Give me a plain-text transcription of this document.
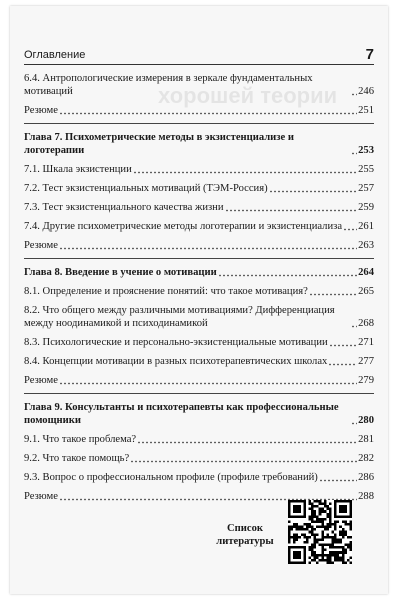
хорошей теории
Оглавление	7
6.4. Антропологические измерения в зеркале фундаментальных мотиваций	246
Резюме	251
Глава 7. Психометрические методы в экзистенциализе и логотерапии	253
7.1. Шкала экзистенции	255
7.2. Тест экзистенциальных мотиваций (ТЭМ-Россия)	257
7.3. Тест экзистенциального качества жизни	259
7.4. Другие психометрические методы логотерапии и экзистенциализа 261
Резюме	263
Глава 8. Введение в учение о мотивации	264
8.1. Определение и прояснение понятий: что такое мотивация?	265
8.2. Что общего между различными мотивациями? Дифференциация между ноодинамикой и психодинамикой	268
8.3. Психологические и персонально-экзистенциальные мотивации	271
8.4. Концепции мотивации в разных психотерапевтических школах	277
Резюме	279
Глава 9. Консультанты и психотерапевты как профессиональные помощники	280
9.1. Что такое проблема?	281
9.2. Что такое помощь?	282
9.3. Вопрос о профессиональном профиле (профиле требований)	286
Резюме	288
Список литературы
